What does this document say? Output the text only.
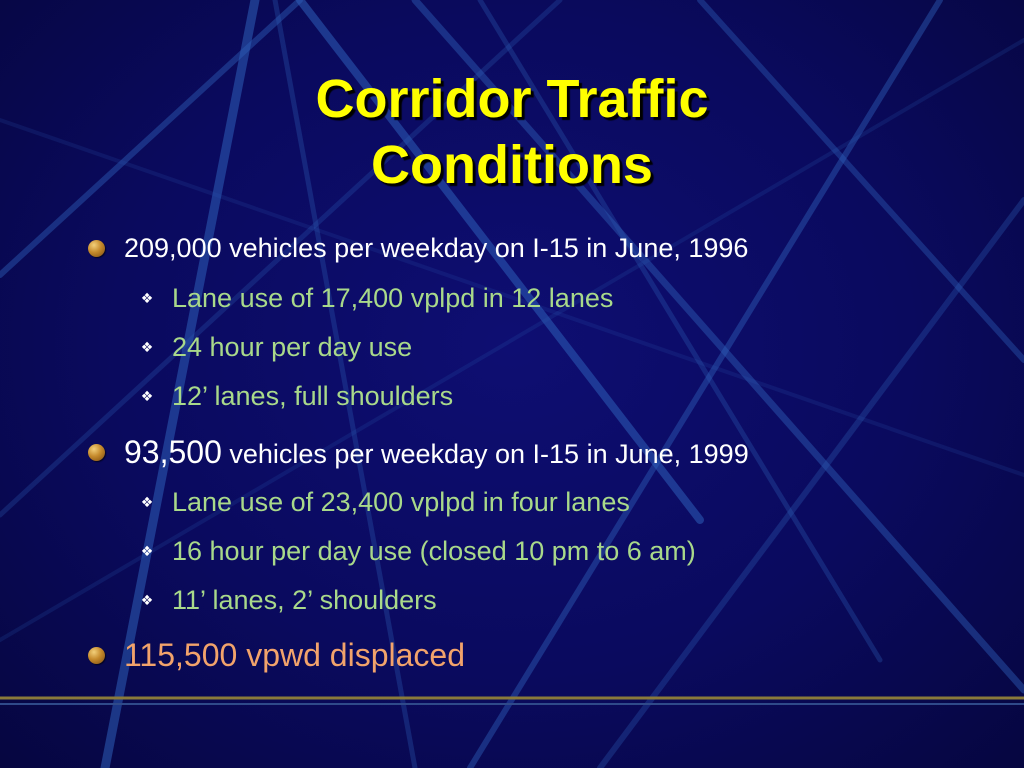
Corridor Traffic
Conditions
209,000 vehicles per weekday on I-15 in June, 1996
❖ Lane use of 17,400 vplpd in 12 lanes
❖ 24 hour per day use
❖ 12’ lanes, full shoulders
93,500 vehicles per weekday on I-15 in June, 1999
❖ Lane use of 23,400 vplpd in four lanes
❖ 16 hour per day use (closed 10 pm to 6 am)
❖ 11’ lanes, 2’ shoulders
115,500 vpwd displaced
